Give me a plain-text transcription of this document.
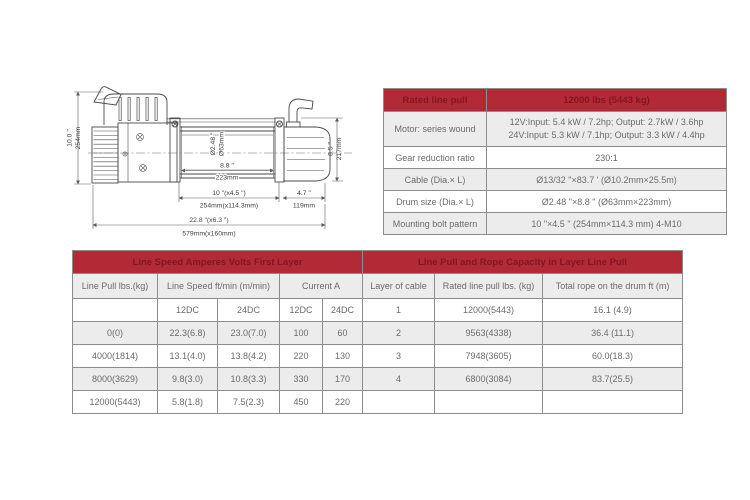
10.0 " 254mm	8.5 " 217mm
Ø2.48 " Ø63mm
8.8 "
223mm
10 "(x4.5 ")
254mm(x114.3mm)
4.7 "
119mm
22.8 "(x6.3 ")
579mm(x160mm)
Rated line pull	12000 lbs (5443 kg)
Motor: series wound	12V:Input: 5.4 kW / 7.2hp; Output: 2.7kW / 3.6hp
24V:Input: 5.3 kW / 7.1hp; Output: 3.3 kW / 4.4hp

Gear reduction ratio	230:1
Cable (Dia.× L)	Ø13/32 "×83.7 ' (Ø10.2mm×25.5m)
Drum size (Dia.× L)	Ø2.48 "×8.8 " (Ø63mm×223mm)
Mounting bolt pattern	10 "×4.5 " (254mm×114.3 mm) 4-M10
Line Speed Amperes Volts First Layer					Line Pull and Rope Capacity in Layer Line Pull		
Line Pull lbs.(kg)	Line Speed ft/min (m/min)		Current A		Layer of cable	Rated line pull lbs. (kg)	Total rope on the drum ft (m)
	12DC	24DC	12DC	24DC	1	12000(5443)	16.1 (4.9)
0(0)	22.3(6.8)	23.0(7.0)	100	60	2	9563(4338)	36.4 (11.1)
4000(1814)	13.1(4.0)	13.8(4.2)	220	130	3	7948(3605)	60.0(18.3)
8000(3629)	9.8(3.0)	10.8(3.3)	330	170	4	6800(3084)	83.7(25.5)
12000(5443)	5.8(1.8)	7.5(2.3)	450	220			
